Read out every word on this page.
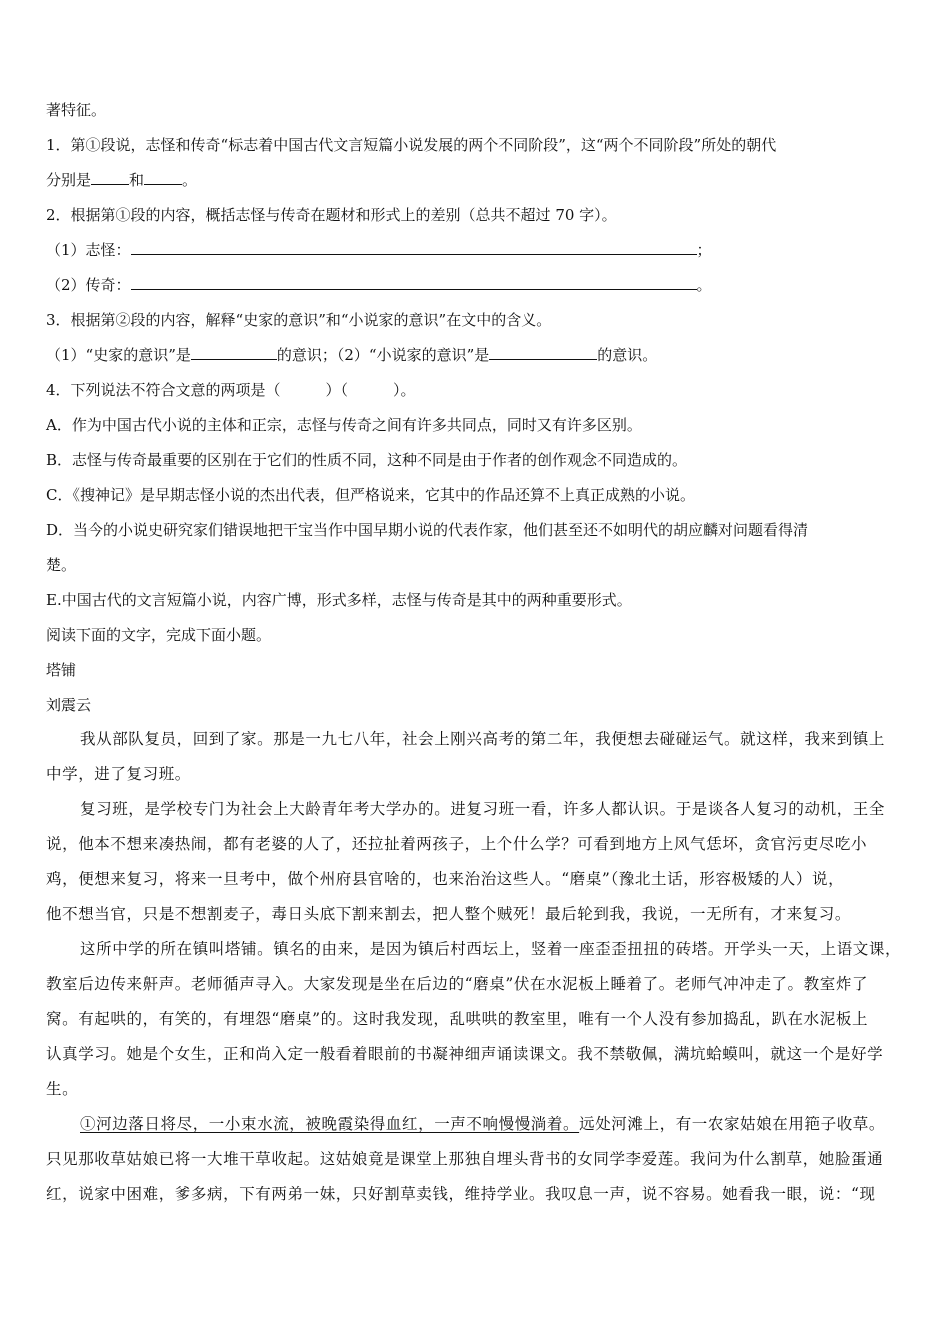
著特征。
1．第①段说，志怪和传奇“标志着中国古代文言短篇小说发展的两个不同阶段”，这“两个不同阶段”所处的朝代
分别是	和	。
2．根据第①段的内容，概括志怪与传奇在题材和形式上的差别（总共不超过 70 字）。
（1）志怪：	；
（2）传奇：	。
3．根据第②段的内容，解释“史家的意识”和“小说家的意识”在文中的含义。
（1）“史家的意识”是	的意识；（2）“小说家的意识”是	的意识。
4．下列说法不符合文意的两项是（　　　）（　　　）。
A．作为中国古代小说的主体和正宗，志怪与传奇之间有许多共同点，同时又有许多区别。
B．志怪与传奇最重要的区别在于它们的性质不同，这种不同是由于作者的创作观念不同造成的。
C．《搜神记》是早期志怪小说的杰出代表，但严格说来，它其中的作品还算不上真正成熟的小说。
D．当今的小说史研究家们错误地把干宝当作中国早期小说的代表作家，他们甚至还不如明代的胡应麟对问题看得清
楚。
E.中国古代的文言短篇小说，内容广博，形式多样，志怪与传奇是其中的两种重要形式。
阅读下面的文字，完成下面小题。
塔铺
刘震云
我从部队复员，回到了家。那是一九七八年，社会上刚兴高考的第二年，我便想去碰碰运气。就这样，我来到镇上
中学，进了复习班。
复习班，是学校专门为社会上大龄青年考大学办的。进复习班一看，许多人都认识。于是谈各人复习的动机，王全
说，他本不想来凑热闹，都有老婆的人了，还拉扯着两孩子，上个什么学？可看到地方上风气恁坏，贪官污吏尽吃小
鸡，便想来复习，将来一旦考中，做个州府县官啥的，也来治治这些人。“磨桌”（豫北土话，形容极矮的人）说，
他不想当官，只是不想割麦子，毒日头底下割来割去，把人整个贼死！最后轮到我，我说，一无所有，才来复习。
这所中学的所在镇叫塔铺。镇名的由来，是因为镇后村西坛上，竖着一座歪歪扭扭的砖塔。开学头一天，上语文课，
教室后边传来鼾声。老师循声寻入。大家发现是坐在后边的“磨桌”伏在水泥板上睡着了。老师气冲冲走了。教室炸了
窝。有起哄的，有笑的，有埋怨“磨桌”的。这时我发现，乱哄哄的教室里，唯有一个人没有参加捣乱，趴在水泥板上
认真学习。她是个女生，正和尚入定一般看着眼前的书凝神细声诵读课文。我不禁敬佩，满坑蛤蟆叫，就这一个是好学
生。
①河边落日将尽，一小束水流，被晚霞染得血红，一声不响慢慢淌着。远处河滩上，有一农家姑娘在用筢子收草。
只见那收草姑娘已将一大堆干草收起。这姑娘竟是课堂上那独自埋头背书的女同学李爱莲。我问为什么割草，她脸蛋通
红，说家中困难，爹多病，下有两弟一妹，只好割草卖钱，维持学业。我叹息一声，说不容易。她看我一眼，说：“现
